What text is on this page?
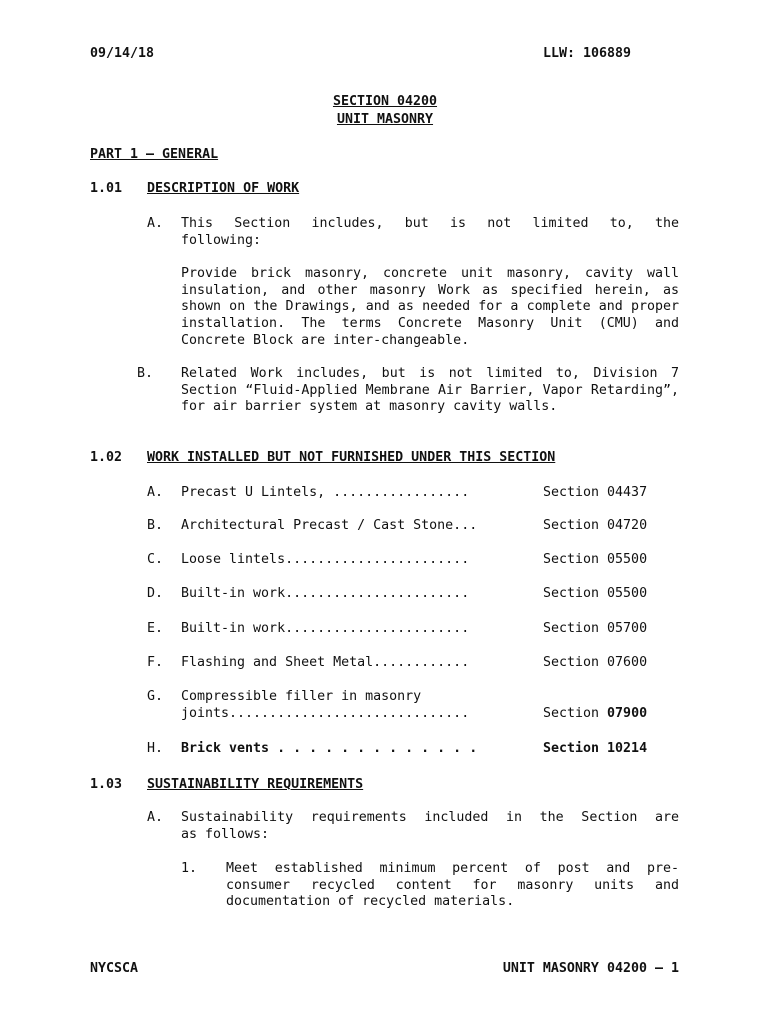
09/14/18	LLW: 106889
SECTION 04200
UNIT MASONRY
PART 1 – GENERAL
1.01 DESCRIPTION OF WORK
A. This Section includes, but is not limited to, the
following:
Provide brick masonry, concrete unit masonry, cavity wall insulation, and other masonry Work as specified herein, as shown on the Drawings, and as needed for a complete and proper installation. The terms Concrete Masonry Unit (CMU) and Concrete Block are inter-changeable.
B. Related Work includes, but is not limited to, Division 7 Section “Fluid-Applied Membrane Air Barrier, Vapor Retarding”, for air barrier system at masonry cavity walls.
1.02 WORK INSTALLED BUT NOT FURNISHED UNDER THIS SECTION
A. Precast U Lintels, .................	Section 04437
B. Architectural Precast / Cast Stone...	Section 04720
C. Loose lintels.......................	Section 05500
D. Built-in work.......................	Section 05500
E. Built-in work.......................	Section 05700
F. Flashing and Sheet Metal............	Section 07600
G. Compressible filler in masonry
joints..............................	Section 07900
H. Brick vents . . . . . . . . . . . . .	Section 10214
1.03 SUSTAINABILITY REQUIREMENTS
A. Sustainability requirements included in the Section are
as follows:
1. Meet established minimum percent of post and pre-consumer recycled content for masonry units and documentation of recycled materials.
NYCSCA	UNIT MASONRY 04200 – 1
